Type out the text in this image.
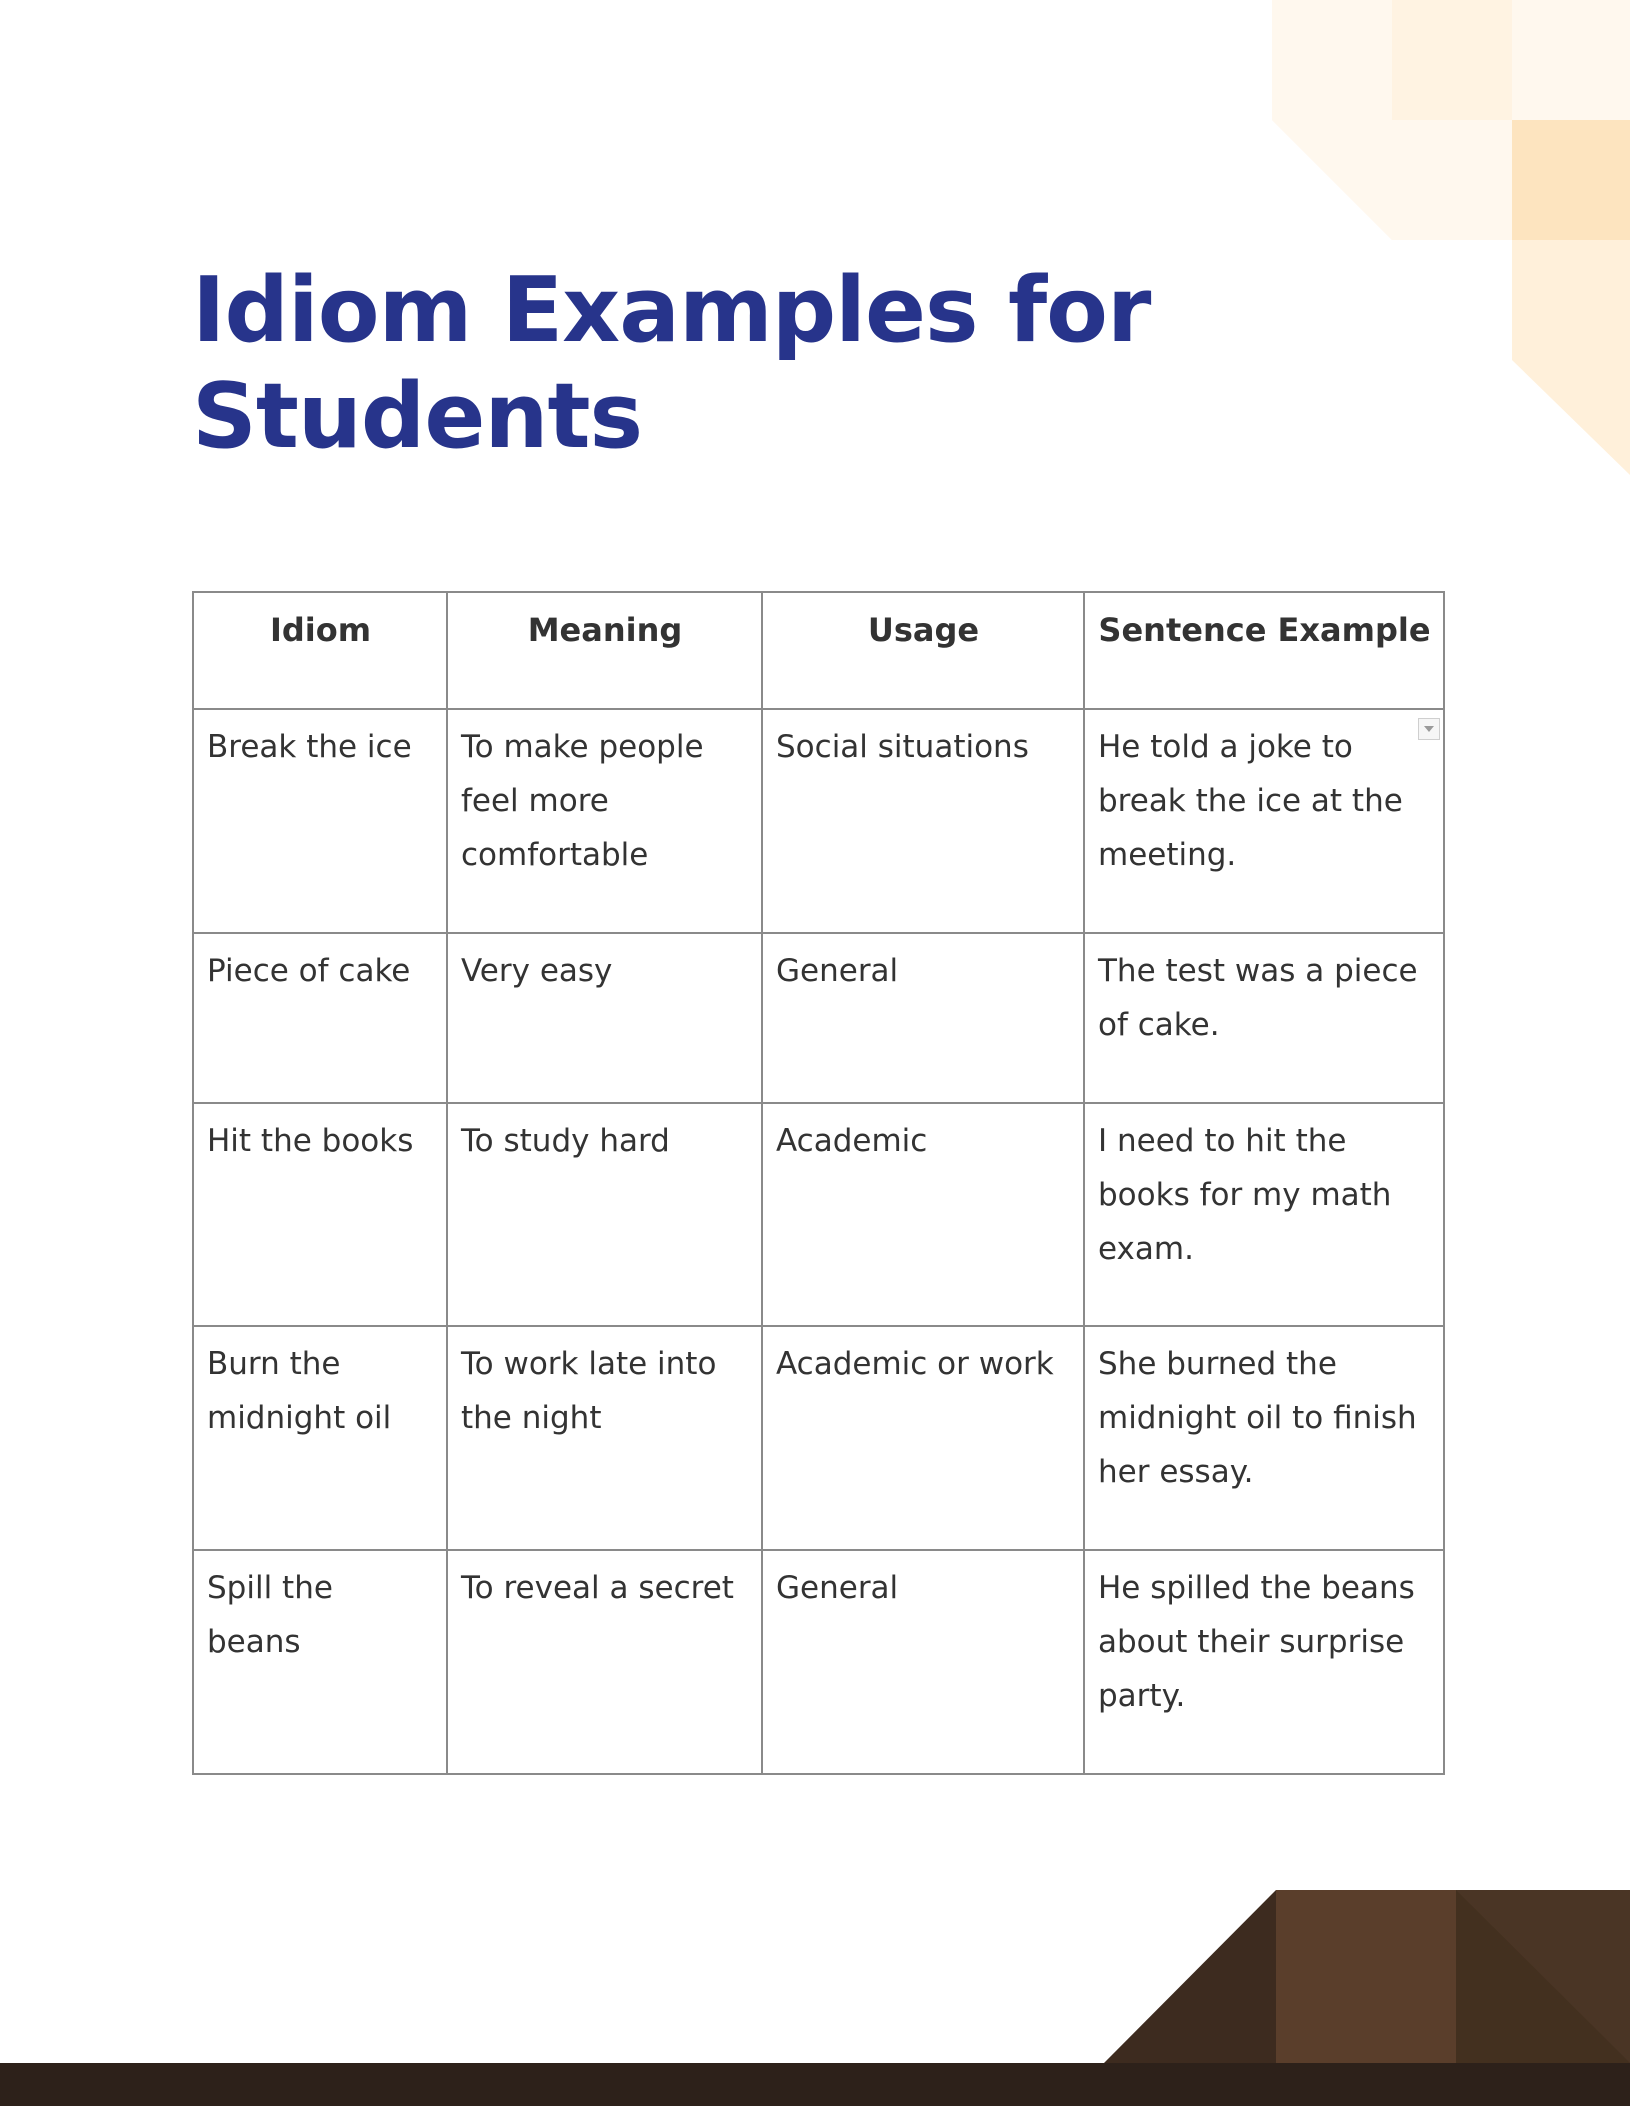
Idiom Examples for Students
Idiom	Meaning	Usage	Sentence Example
Break the ice	To make people feel more comfortable	Social situations	He told a joke to break the ice at the meeting.

Piece of cake	Very easy	General	The test was a piece of cake.
Hit the books	To study hard	Academic	I need to hit the books for my math exam.
Burn the midnight oil	To work late into the night	Academic or work	She burned the midnight oil to finish her essay.
Spill the beans	To reveal a secret	General	He spilled the beans about their surprise party.
